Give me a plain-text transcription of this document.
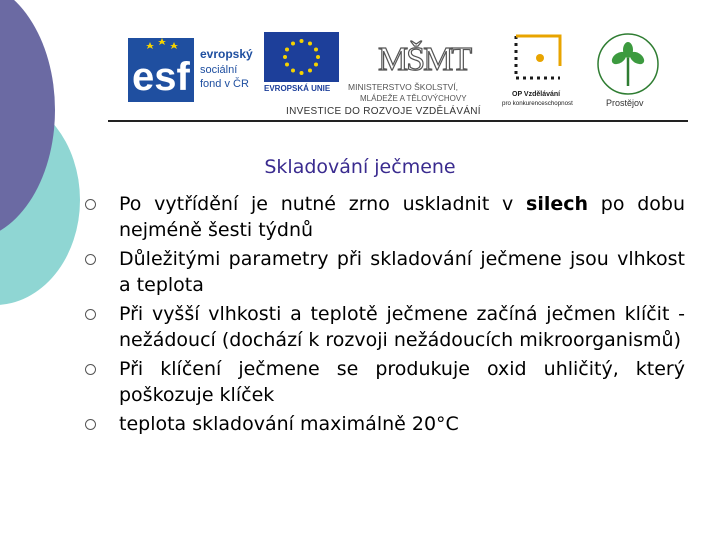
esf
evropský
sociální
fond v ČR EVROPSKÁ UNIE
MŠMT
MINISTERSTVO ŠKOLSTVÍ,
MLÁDEŽE A TĚLOVÝCHOVY	OP Vzdělávání
pro konkurenceschopnost	Prostějov
INVESTICE DO ROZVOJE VZDĚLÁVÁNÍ
Skladování ječmene
Po vytřídění je nutné zrno uskladnit v silech po dobu nejméně šesti týdnů
Důležitými parametry při skladování ječmene jsou vlhkost a teplota
Při vyšší vlhkosti a teplotě ječmene začíná ječmen klíčit - nežádoucí (dochází k rozvoji nežádoucích mikroorganismů)
Při klíčení ječmene se produkuje oxid uhličitý, který poškozuje klíček
teplota skladování maximálně 20°C
